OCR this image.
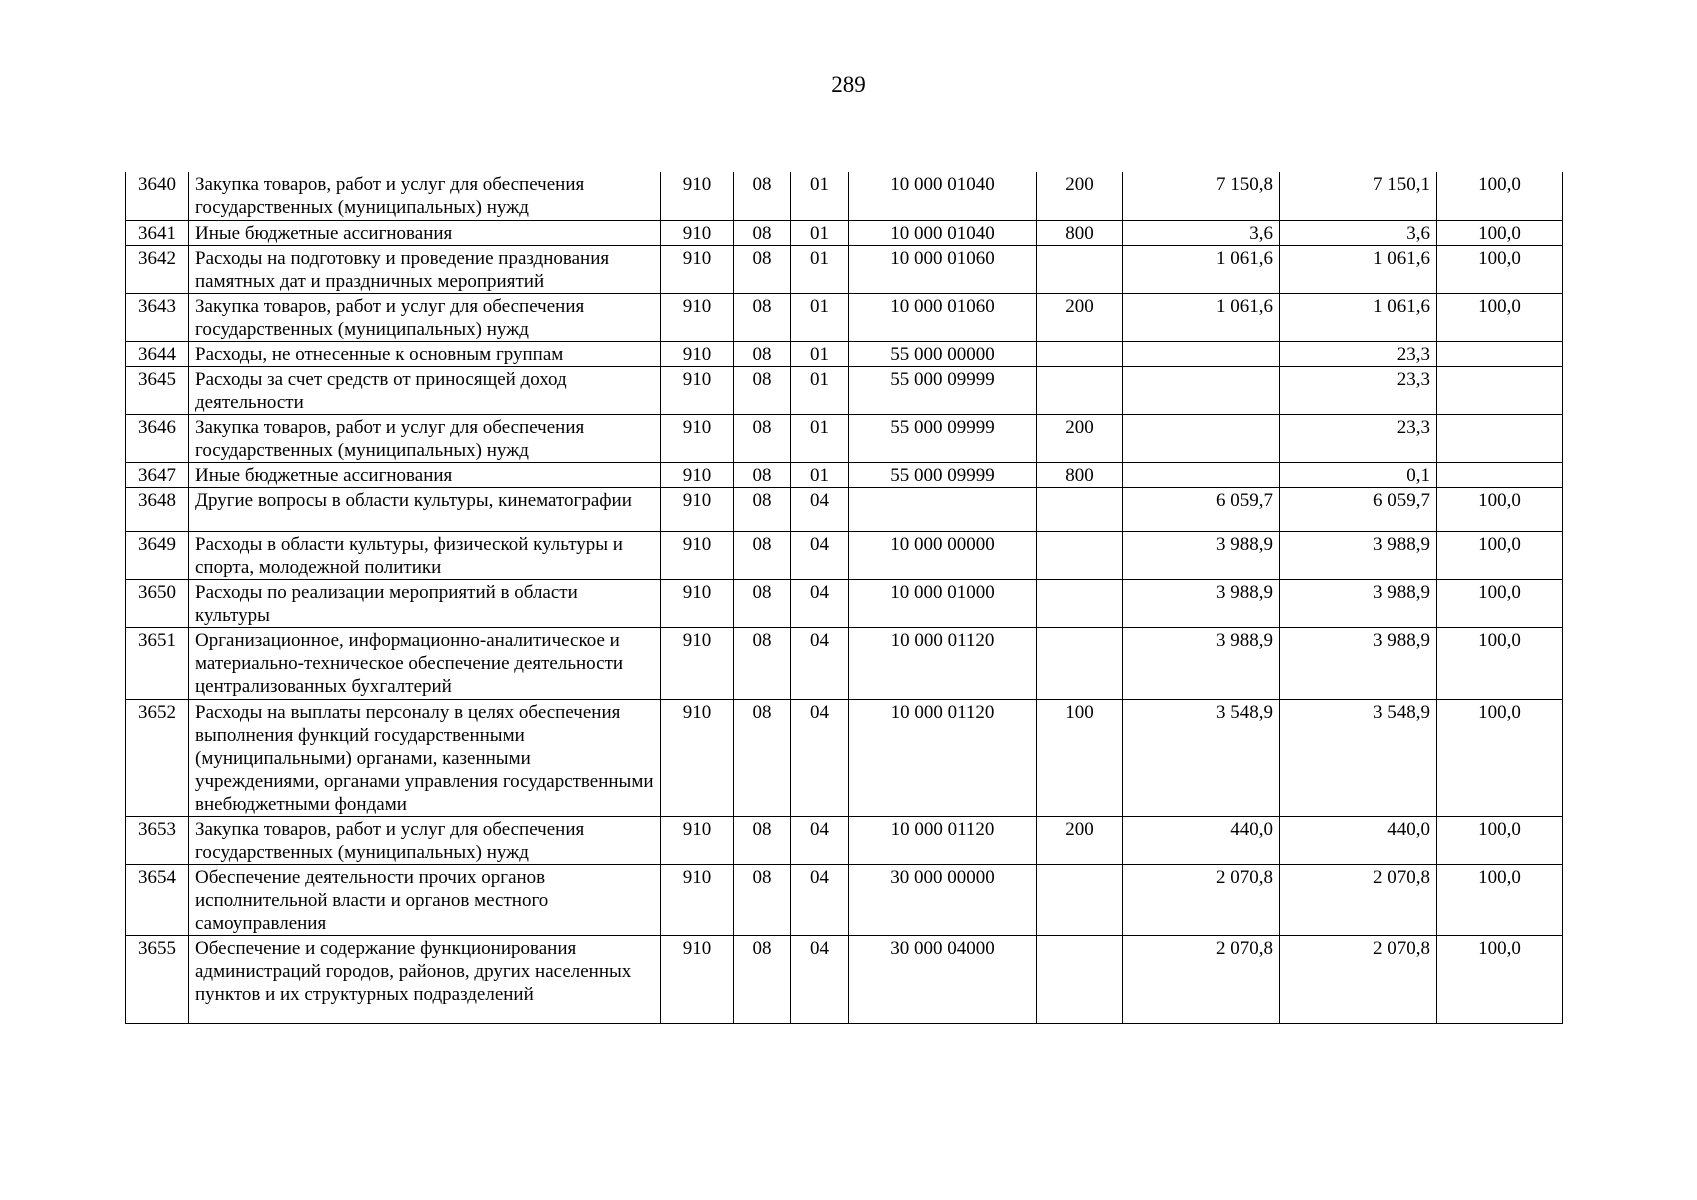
289
3640	Закупка товаров, работ и услуг для обеспечения государственных (муниципальных) нужд	910	08	01	10 000 01040	200	7 150,8	7 150,1	100,0
3641	Иные бюджетные ассигнования	910	08	01	10 000 01040	800	3,6	3,6	100,0
3642	Расходы на подготовку и проведение празднования памятных дат и праздничных мероприятий	910	08	01	10 000 01060		1 061,6	1 061,6	100,0
3643	Закупка товаров, работ и услуг для обеспечения государственных (муниципальных) нужд	910	08	01	10 000 01060	200	1 061,6	1 061,6	100,0
3644	Расходы, не отнесенные к основным группам	910	08	01	55 000 00000			23,3	
3645	Расходы за счет средств от приносящей доход деятельности	910	08	01	55 000 09999			23,3	
3646	Закупка товаров, работ и услуг для обеспечения государственных (муниципальных) нужд	910	08	01	55 000 09999	200		23,3	
3647	Иные бюджетные ассигнования	910	08	01	55 000 09999	800		0,1	
3648	Другие вопросы в области культуры, кинематографии	910	08	04			6 059,7	6 059,7	100,0
3649	Расходы в области культуры, физической культуры и спорта, молодежной политики	910	08	04	10 000 00000		3 988,9	3 988,9	100,0
3650	Расходы по реализации мероприятий в области культуры	910	08	04	10 000 01000		3 988,9	3 988,9	100,0
3651	Организационное, информационно-аналитическое и материально-техническое обеспечение деятельности централизованных бухгалтерий	910	08	04	10 000 01120		3 988,9	3 988,9	100,0
3652	Расходы на выплаты персоналу в целях обеспечения выполнения функций государственными (муниципальными) органами, казенными учреждениями, органами управления государственными внебюджетными фондами	910	08	04	10 000 01120	100	3 548,9	3 548,9	100,0
3653	Закупка товаров, работ и услуг для обеспечения государственных (муниципальных) нужд	910	08	04	10 000 01120	200	440,0	440,0	100,0
3654	Обеспечение деятельности прочих органов исполнительной власти и органов местного самоуправления	910	08	04	30 000 00000		2 070,8	2 070,8	100,0
3655	Обеспечение и содержание функционирования администраций городов, районов, других населенных пунктов и их структурных подразделений	910	08	04	30 000 04000		2 070,8	2 070,8	100,0
